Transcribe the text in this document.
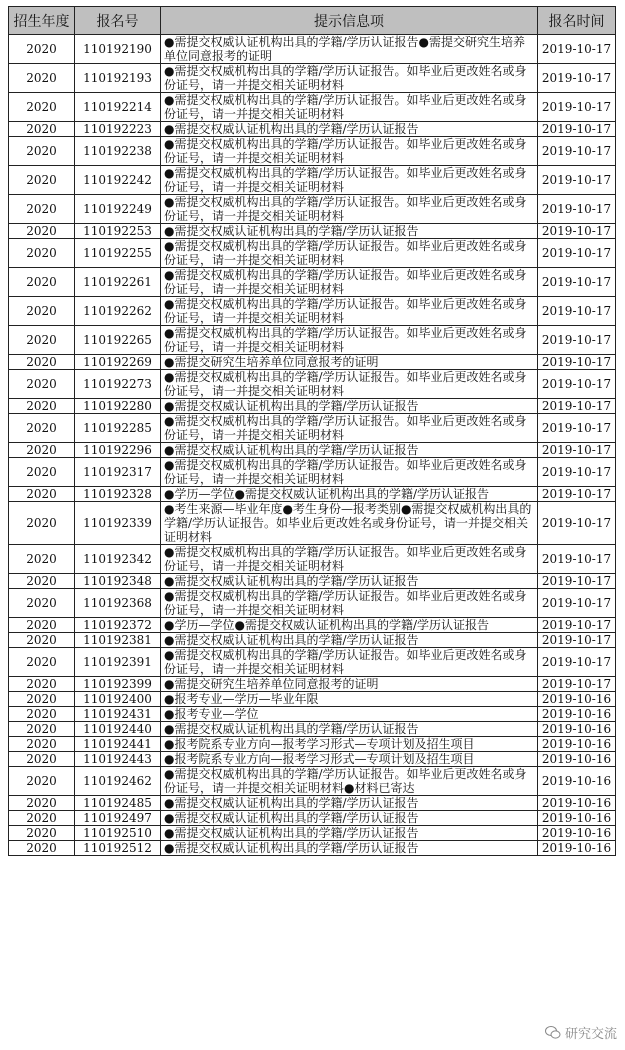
招生年度	报名号	提示信息项	报名时间
2020	110192190	●需提交权威认证机构出具的学籍/学历认证报告●需提交研究生培养单位同意报考的证明	2019-10-17
2020	110192193	●需提交权威机构出具的学籍/学历认证报告。如毕业后更改姓名或身份证号，请一并提交相关证明材料	2019-10-17
2020	110192214	●需提交权威机构出具的学籍/学历认证报告。如毕业后更改姓名或身份证号，请一并提交相关证明材料	2019-10-17
2020	110192223	●需提交权威认证机构出具的学籍/学历认证报告	2019-10-17
2020	110192238	●需提交权威机构出具的学籍/学历认证报告。如毕业后更改姓名或身份证号，请一并提交相关证明材料	2019-10-17
2020	110192242	●需提交权威机构出具的学籍/学历认证报告。如毕业后更改姓名或身份证号，请一并提交相关证明材料	2019-10-17
2020	110192249	●需提交权威机构出具的学籍/学历认证报告。如毕业后更改姓名或身份证号，请一并提交相关证明材料	2019-10-17
2020	110192253	●需提交权威认证机构出具的学籍/学历认证报告	2019-10-17
2020	110192255	●需提交权威机构出具的学籍/学历认证报告。如毕业后更改姓名或身份证号，请一并提交相关证明材料	2019-10-17
2020	110192261	●需提交权威机构出具的学籍/学历认证报告。如毕业后更改姓名或身份证号，请一并提交相关证明材料	2019-10-17
2020	110192262	●需提交权威机构出具的学籍/学历认证报告。如毕业后更改姓名或身份证号，请一并提交相关证明材料	2019-10-17
2020	110192265	●需提交权威机构出具的学籍/学历认证报告。如毕业后更改姓名或身份证号，请一并提交相关证明材料	2019-10-17
2020	110192269	●需提交研究生培养单位同意报考的证明	2019-10-17
2020	110192273	●需提交权威机构出具的学籍/学历认证报告。如毕业后更改姓名或身份证号，请一并提交相关证明材料	2019-10-17
2020	110192280	●需提交权威认证机构出具的学籍/学历认证报告	2019-10-17
2020	110192285	●需提交权威机构出具的学籍/学历认证报告。如毕业后更改姓名或身份证号，请一并提交相关证明材料	2019-10-17
2020	110192296	●需提交权威认证机构出具的学籍/学历认证报告	2019-10-17
2020	110192317	●需提交权威机构出具的学籍/学历认证报告。如毕业后更改姓名或身份证号，请一并提交相关证明材料	2019-10-17
2020	110192328	●学历—学位●需提交权威认证机构出具的学籍/学历认证报告	2019-10-17
2020	110192339	●考生来源—毕业年度●考生身份—报考类别●需提交权威机构出具的学籍/学历认证报告。如毕业后更改姓名或身份证号，请一并提交相关证明材料	2019-10-17
2020	110192342	●需提交权威机构出具的学籍/学历认证报告。如毕业后更改姓名或身份证号，请一并提交相关证明材料	2019-10-17
2020	110192348	●需提交权威认证机构出具的学籍/学历认证报告	2019-10-17
2020	110192368	●需提交权威机构出具的学籍/学历认证报告。如毕业后更改姓名或身份证号，请一并提交相关证明材料	2019-10-17
2020	110192372	●学历—学位●需提交权威认证机构出具的学籍/学历认证报告	2019-10-17
2020	110192381	●需提交权威认证机构出具的学籍/学历认证报告	2019-10-17
2020	110192391	●需提交权威机构出具的学籍/学历认证报告。如毕业后更改姓名或身份证号，请一并提交相关证明材料	2019-10-17
2020	110192399	●需提交研究生培养单位同意报考的证明	2019-10-17
2020	110192400	●报考专业—学历—毕业年限	2019-10-16
2020	110192431	●报考专业—学位	2019-10-16
2020	110192440	●需提交权威认证机构出具的学籍/学历认证报告	2019-10-16
2020	110192441	●报考院系专业方向—报考学习形式—专项计划及招生项目	2019-10-16
2020	110192443	●报考院系专业方向—报考学习形式—专项计划及招生项目	2019-10-16
2020	110192462	●需提交权威机构出具的学籍/学历认证报告。如毕业后更改姓名或身份证号，请一并提交相关证明材料●材料已寄达	2019-10-16
2020	110192485	●需提交权威认证机构出具的学籍/学历认证报告	2019-10-16
2020	110192497	●需提交权威认证机构出具的学籍/学历认证报告	2019-10-16
2020	110192510	●需提交权威认证机构出具的学籍/学历认证报告	2019-10-16
2020	110192512	●需提交权威认证机构出具的学籍/学历认证报告	2019-10-16
研究交流
